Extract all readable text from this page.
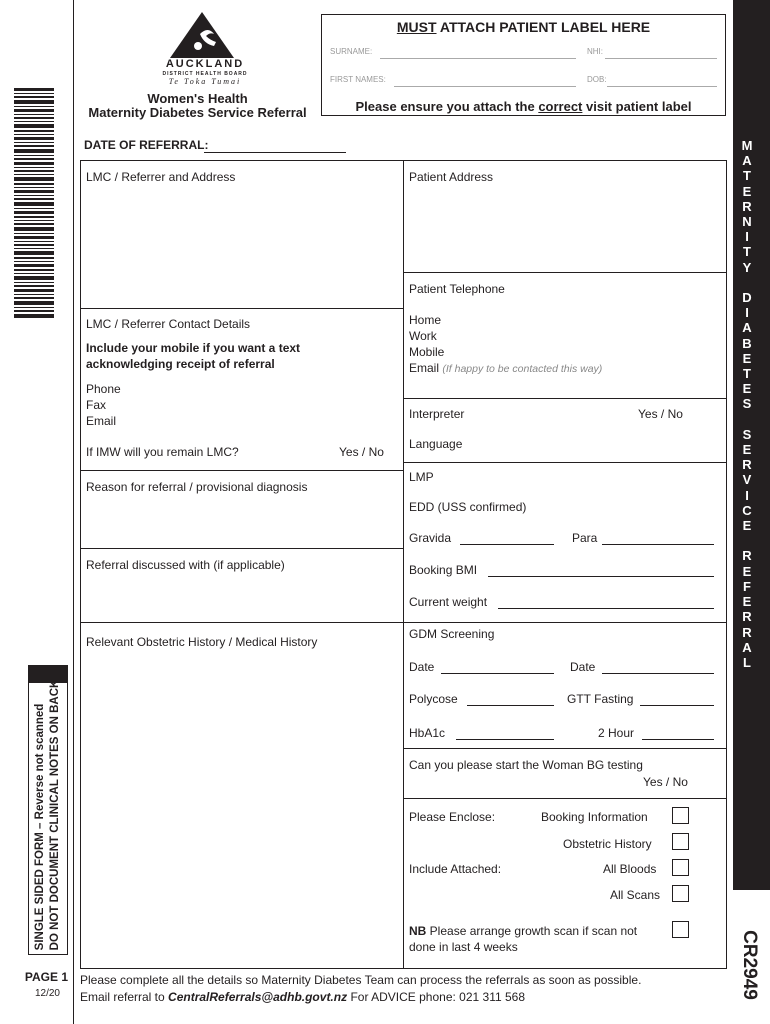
SINGLE SIDED FORM – Reverse not scanned DO NOT DOCUMENT CLINICAL NOTES ON BACK
PAGE 1
12/20
AUCKLAND
DISTRICT HEALTH BOARD
Te Toka Tumai
Women's Health
Maternity Diabetes Service Referral
MUST ATTACH PATIENT LABEL HERE
SURNAME:	NHI:
FIRST NAMES:	DOB:
Please ensure you attach the correct visit patient label
DATE OF REFERRAL:	M
A
T
E
R
N
I
T
Y

D
I
A
B
E
T
E
S

S
E
R
V
I
C
E

R
E
F
E
R
R
A
L
CR2949
LMC / Referrer and Address
LMC / Referrer Contact Details
Include your mobile if you want a text
acknowledging receipt of referral
Phone
Fax
Email
If IMW will you remain LMC?	Yes / No
Reason for referral / provisional diagnosis
Referral discussed with (if applicable)
Relevant Obstetric History / Medical History
Patient Address
Patient Telephone
Home
Work
Mobile
Email (If happy to be contacted this way)
Interpreter	Yes / No
Language
LMP
EDD (USS confirmed)
Gravida	Para
Booking BMI
Current weight
GDM Screening
Date	Date
Polycose	GTT Fasting
HbA1c	2 Hour
Can you please start the Woman BG testing
Yes / No
Please Enclose:	Booking Information
Obstetric History
Include Attached:	All Bloods
All Scans
NB Please arrange growth scan if scan not
done in last 4 weeks
Please complete all the details so Maternity Diabetes Team can process the referrals as soon as possible.
Email referral to CentralReferrals@adhb.govt.nz For ADVICE phone: 021 311 568
